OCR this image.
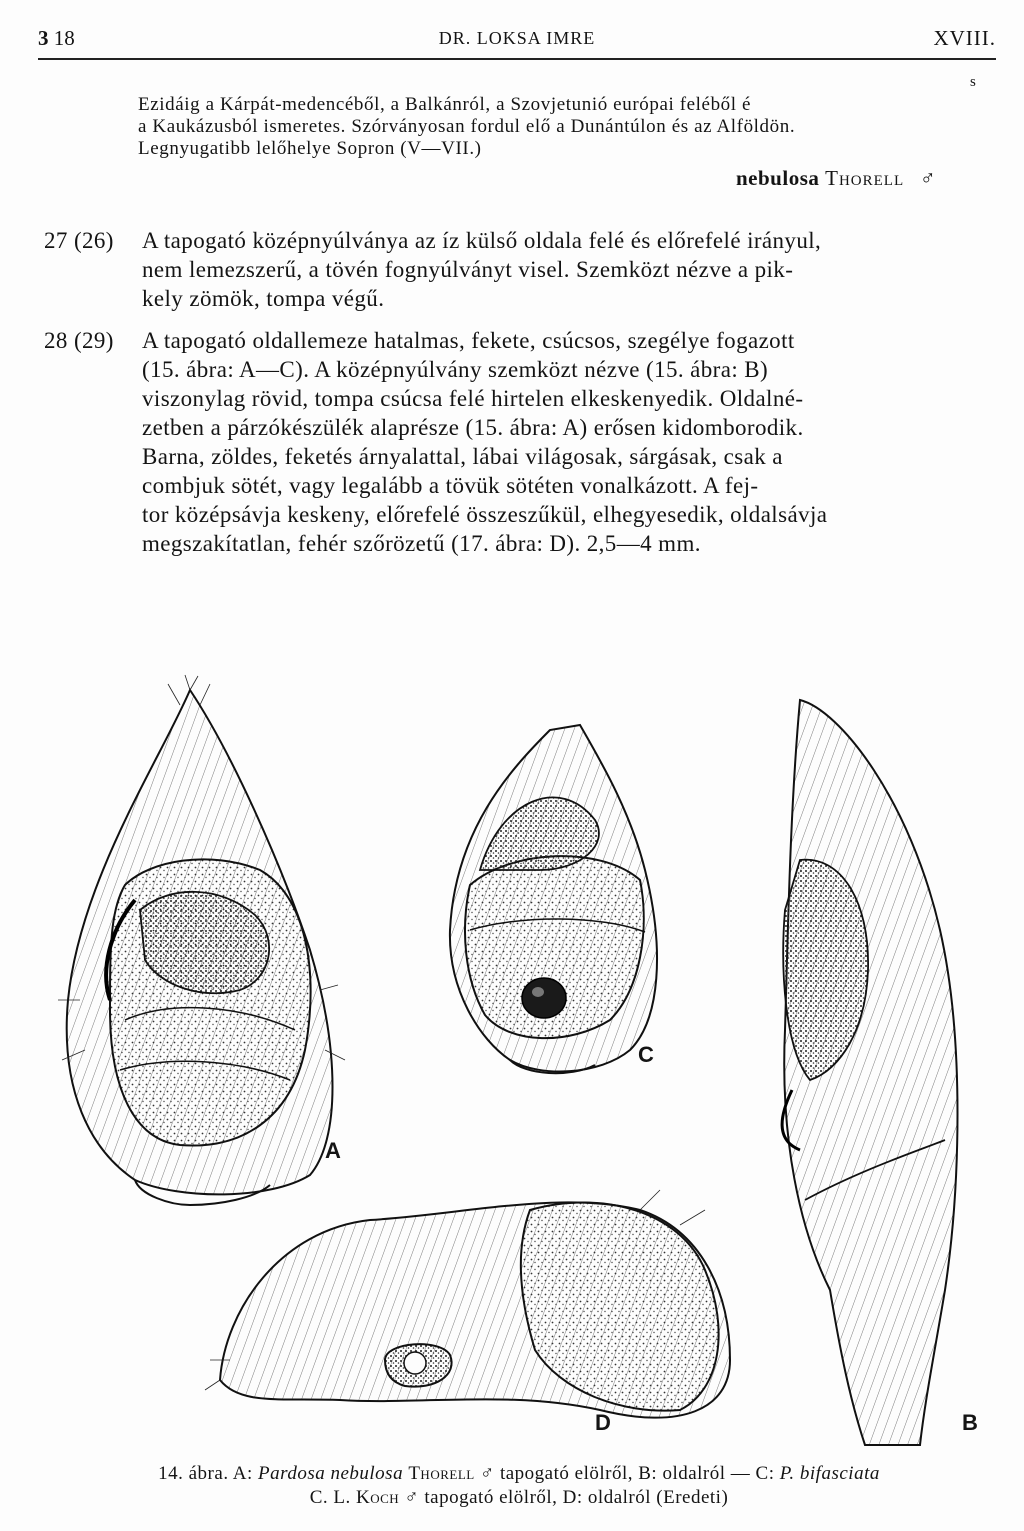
3 18	DR. LOKSA IMRE	XVIII.
s

Ezidáig a Kárpát-medencéből, a Balkánról, a Szovjetunió európai feléből é

a Kaukázusból ismeretes. Szórványosan fordul elő a Dunántúlon és az Alföldön.

Legnyugatibb lelőhelye Sopron (V—VII.)

nebulosa Thorell ♂
27 (26) A tapogató középnyúlványa az íz külső oldala felé és előrefelé irányul,
nem lemezszerű, a tövén fognyúlványt visel. Szemközt nézve a pik-
kely zömök, tompa végű.
28 (29) A tapogató oldallemeze hatalmas, fekete, csúcsos, szegélye fogazott
(15. ábra: A—C). A középnyúlvány szemközt nézve (15. ábra: B)
viszonylag rövid, tompa csúcsa felé hirtelen elkeskenyedik. Oldalné-
zetben a párzókészülék alaprésze (15. ábra: A) erősen kidomborodik.
Barna, zöldes, feketés árnyalattal, lábai világosak, sárgásak, csak a
combjuk sötét, vagy legalább a tövük sötéten vonalkázott. A fej-
tor középsávja keskeny, előrefelé összeszűkül, elhegyesedik, oldalsávja
megszakítatlan, fehér szőrözetű (17. ábra: D). 2,5—4 mm.
A
B
C
D
14. ábra. A: Pardosa nebulosa Thorell ♂ tapogató elölről, B: oldalról — C: P. bifasciata
C. L. Koch ♂ tapogató elölről, D: oldalról (Eredeti)
